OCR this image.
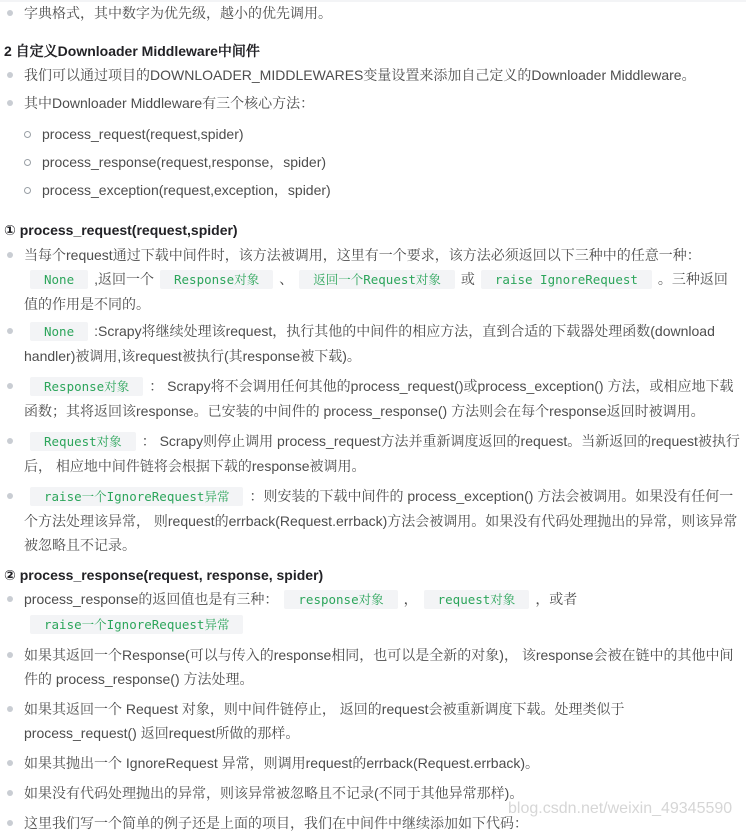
字典格式，其中数字为优先级，越小的优先调用。
2 自定义Downloader Middleware中间件
我们可以通过项目的DOWNLOADER_MIDDLEWARES变量设置来添加自己定义的Downloader Middleware。
其中Downloader Middleware有三个核心方法：
process_request(request,spider)
process_response(request,response，spider)
process_exception(request,exception，spider)
① process_request(request,spider)
当每个request通过下载中间件时，该方法被调用，这里有一个要求，该方法必须返回以下三种中的任意一种：
None ,返回一个 Response对象 、 返回一个Request对象 或 raise IgnoreRequest 。三种返回值的作用是不同的。
None :Scrapy将继续处理该request，执行其他的中间件的相应方法，直到合适的下载器处理函数(download handler)被调用,该request被执行(其response被下载)。
Response对象 ： Scrapy将不会调用任何其他的process_request()或process_exception() 方法，或相应地下载函数；其将返回该response。已安装的中间件的 process_response() 方法则会在每个response返回时被调用。
Request对象 ： Scrapy则停止调用 process_request方法并重新调度返回的request。当新返回的request被执行后， 相应地中间件链将会根据下载的response被调用。
raise一个IgnoreRequest异常 ：则安装的下载中间件的 process_exception() 方法会被调用。如果没有任何一个方法处理该异常， 则request的errback(Request.errback)方法会被调用。如果没有代码处理抛出的异常，则该异常被忽略且不记录。
② process_response(request, response, spider)
process_response的返回值也是有三种： response对象 ， request对象 ，或者
raise一个IgnoreRequest异常
如果其返回一个Response(可以与传入的response相同，也可以是全新的对象)， 该response会被在链中的其他中间件的 process_response() 方法处理。
如果其返回一个 Request 对象，则中间件链停止， 返回的request会被重新调度下载。处理类似于 process_request() 返回request所做的那样。
如果其抛出一个 IgnoreRequest 异常，则调用request的errback(Request.errback)。
如果没有代码处理抛出的异常，则该异常被忽略且不记录(不同于其他异常那样)。
这里我们写一个简单的例子还是上面的项目，我们在中间件中继续添加如下代码：
blog.csdn.net/weixin_49345590
